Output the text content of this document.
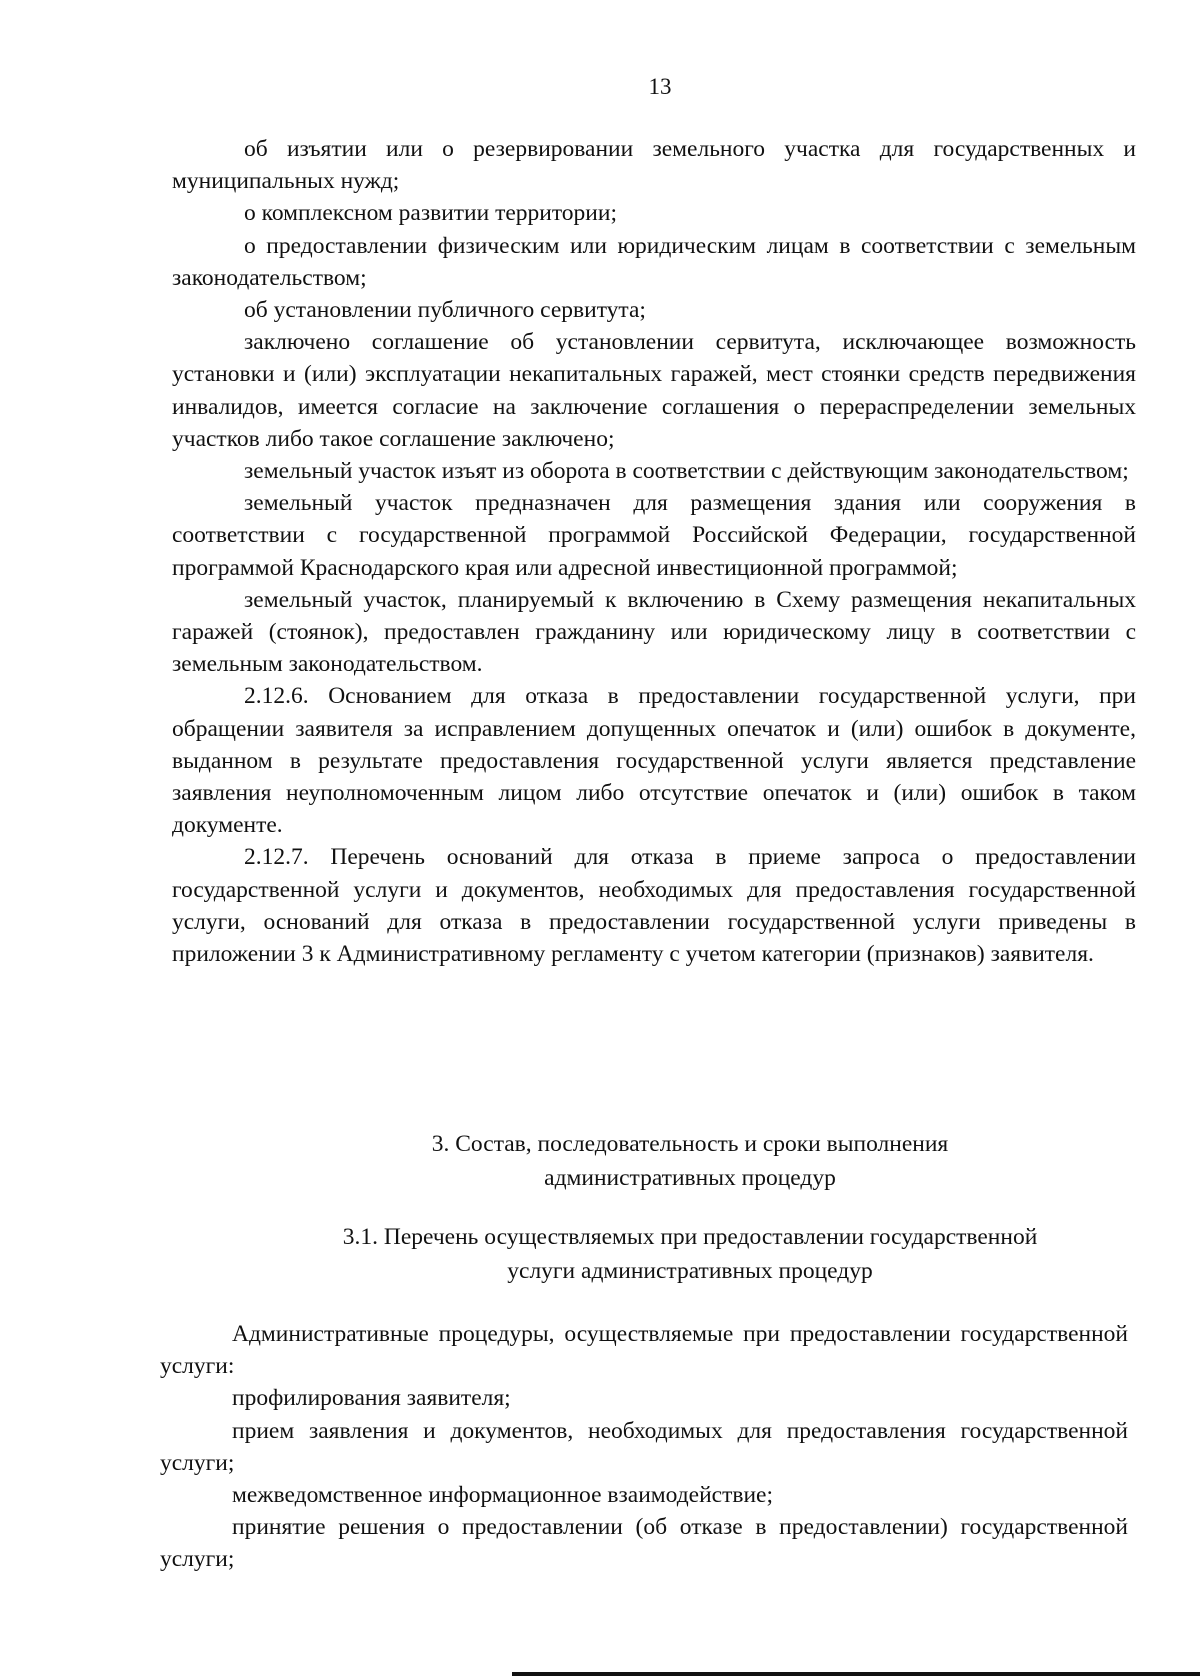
13

об изъятии или о резервировании земельного участка для государственных и муниципальных нужд;

о комплексном развитии территории;

о предоставлении физическим или юридическим лицам в соответствии с земельным законодательством;

об установлении публичного сервитута;

заключено соглашение об установлении сервитута, исключающее возможность установки и (или) эксплуатации некапитальных гаражей, мест стоянки средств передвижения инвалидов, имеется согласие на заключение соглашения о перераспределении земельных участков либо такое соглашение заключено;

земельный участок изъят из оборота в соответствии с действующим законодательством;

земельный участок предназначен для размещения здания или сооружения в соответствии с государственной программой Российской Федерации, государственной программой Краснодарского края или адресной инвестиционной программой;

земельный участок, планируемый к включению в Схему размещения некапитальных гаражей (стоянок), предоставлен гражданину или юридическому лицу в соответствии с земельным законодательством.

2.12.6. Основанием для отказа в предоставлении государственной услуги, при обращении заявителя за исправлением допущенных опечаток и (или) ошибок в документе, выданном в результате предоставления государственной услуги является представление заявления неуполномоченным лицом либо отсутствие опечаток и (или) ошибок в таком документе.

2.12.7. Перечень оснований для отказа в приеме запроса о предоставлении государственной услуги и документов, необходимых для предоставления государственной услуги, оснований для отказа в предоставлении государственной услуги приведены в приложении 3 к Административному регламенту с учетом категории (признаков) заявителя.

3. Состав, последовательность и сроки выполнения
административных процедур
3.1. Перечень осуществляемых при предоставлении государственной
услуги административных процедур

Административные процедуры, осуществляемые при предоставлении государственной услуги:

профилирования заявителя;

прием заявления и документов, необходимых для предоставления государственной услуги;

межведомственное информационное взаимодействие;

принятие решения о предоставлении (об отказе в предоставлении) государственной услуги;
